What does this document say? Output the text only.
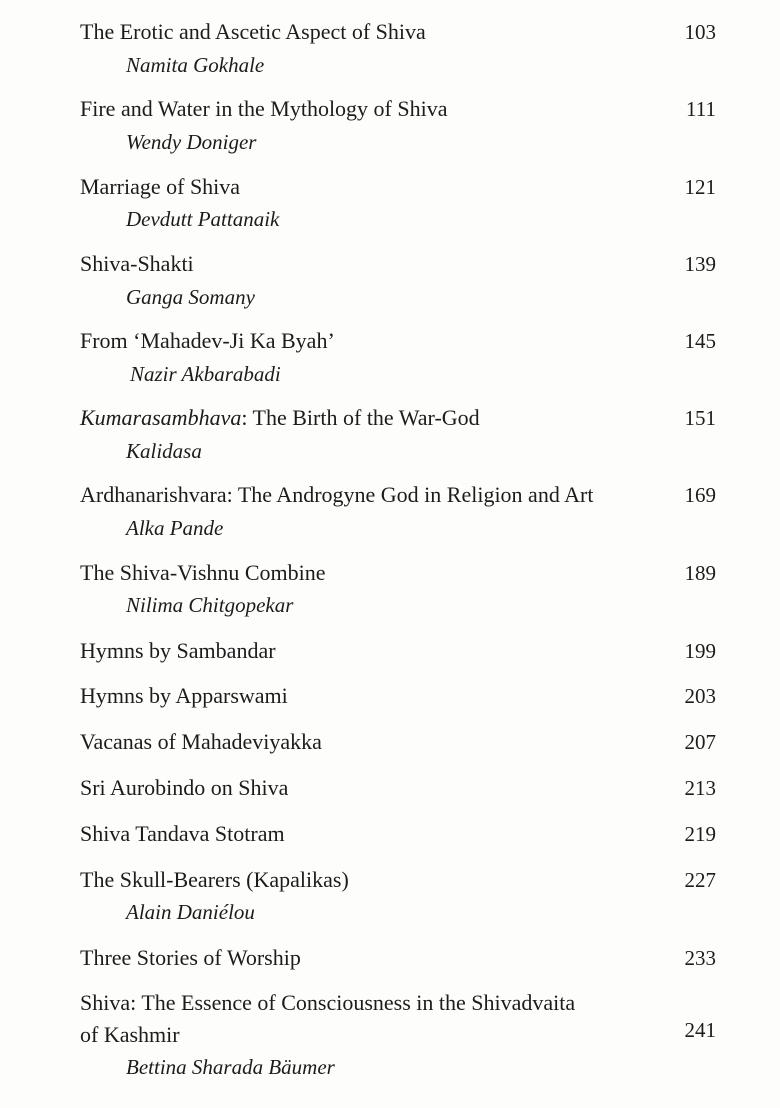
The Erotic and Ascetic Aspect of Shiva	103
Namita Gokhale
Fire and Water in the Mythology of Shiva	111
Wendy Doniger
Marriage of Shiva	121
Devdutt Pattanaik
Shiva-Shakti	139
Ganga Somany
From ‘Mahadev-Ji Ka Byah’	145
Nazir Akbarabadi
Kumarasambhava: The Birth of the War-God	151
Kalidasa
Ardhanarishvara: The Androgyne God in Religion and Art	169
Alka Pande
The Shiva-Vishnu Combine	189
Nilima Chitgopekar
Hymns by Sambandar	199
Hymns by Apparswami	203
Vacanas of Mahadeviyakka	207
Sri Aurobindo on Shiva	213
Shiva Tandava Stotram	219
The Skull-Bearers (Kapalikas)	227
Alain Daniélou
Three Stories of Worship	233
Shiva: The Essence of Consciousness in the Shivadvaita
of Kashmir	241
Bettina Sharada Bäumer
